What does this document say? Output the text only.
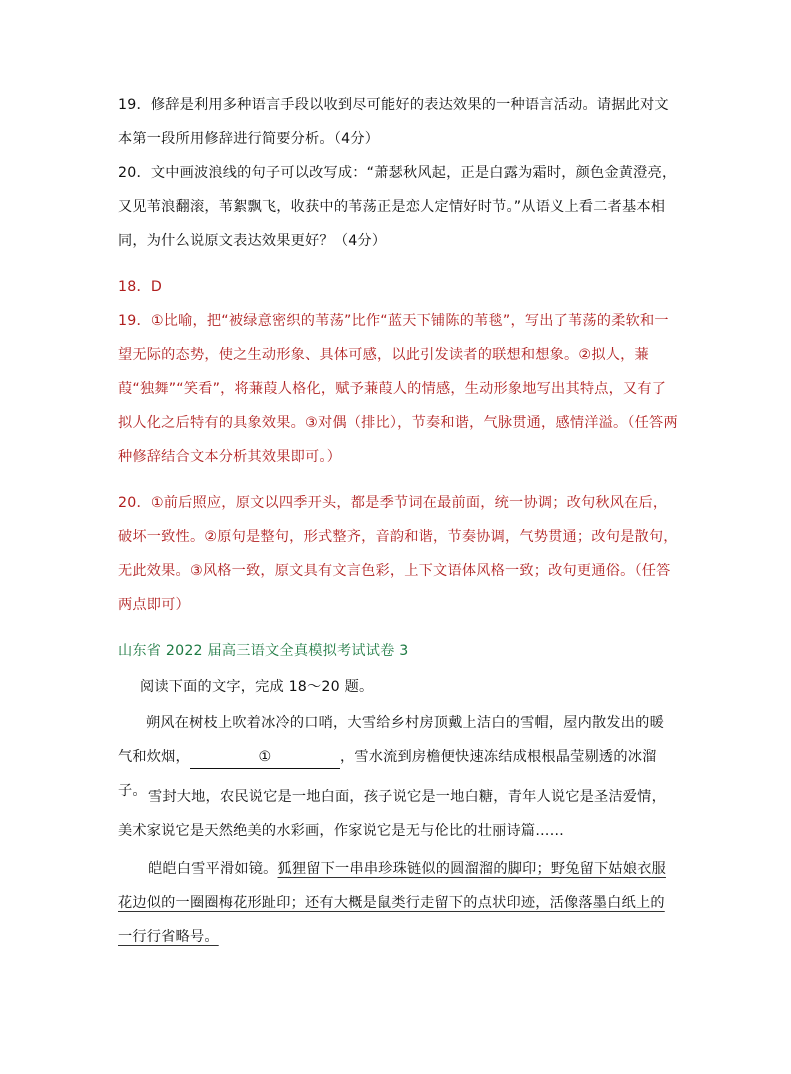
19．修辞是利用多种语言手段以收到尽可能好的表达效果的一种语言活动。请据此对文本第一段所用修辞进行简要分析。（4分）

20．文中画波浪线的句子可以改写成：“萧瑟秋风起，正是白露为霜时，颜色金黄澄亮，又见苇浪翻滚，苇絮飘飞，收获中的苇荡正是恋人定情好时节。”从语义上看二者基本相同，为什么说原文表达效果更好？（4分）

18．D

19．①比喻，把“被绿意密织的苇荡”比作“蓝天下铺陈的苇毯”，写出了苇荡的柔软和一望无际的态势，使之生动形象、具体可感，以此引发读者的联想和想象。②拟人，蒹葭“独舞”“笑看”，将蒹葭人格化，赋予蒹葭人的情感，生动形象地写出其特点，又有了拟人化之后特有的具象效果。③对偶（排比），节奏和谐，气脉贯通，感情洋溢。（任答两种修辞结合文本分析其效果即可。）

20．①前后照应，原文以四季开头，都是季节词在最前面，统一协调；改句秋风在后，破坏一致性。②原句是整句，形式整齐，音韵和谐，节奏协调，气势贯通；改句是散句，无此效果。③风格一致，原文具有文言色彩，上下文语体风格一致；改句更通俗。（任答两点即可）

山东省 2022 届高三语文全真模拟考试试卷 3

阅读下面的文字，完成 18～20 题。

朔风在树枝上吹着冰冷的口哨，大雪给乡村房顶戴上洁白的雪帽，屋内散发出的暖气和炊烟，	①	，雪水流到房檐便快速冻结成根根晶莹剔透的冰溜子。 雪封大地，农民说它是一地白面，孩子说它是一地白糖，青年人说它是圣洁爱情，美术家说它是天然绝美的水彩画，作家说它是无与伦比的壮丽诗篇……

皑皑白雪平滑如镜。狐狸留下一串串珍珠链似的圆溜溜的脚印；野兔留下姑娘衣服花边似的一圈圈梅花形趾印；还有大概是鼠类行走留下的点状印迹，活像落墨白纸上的一行行省略号。
